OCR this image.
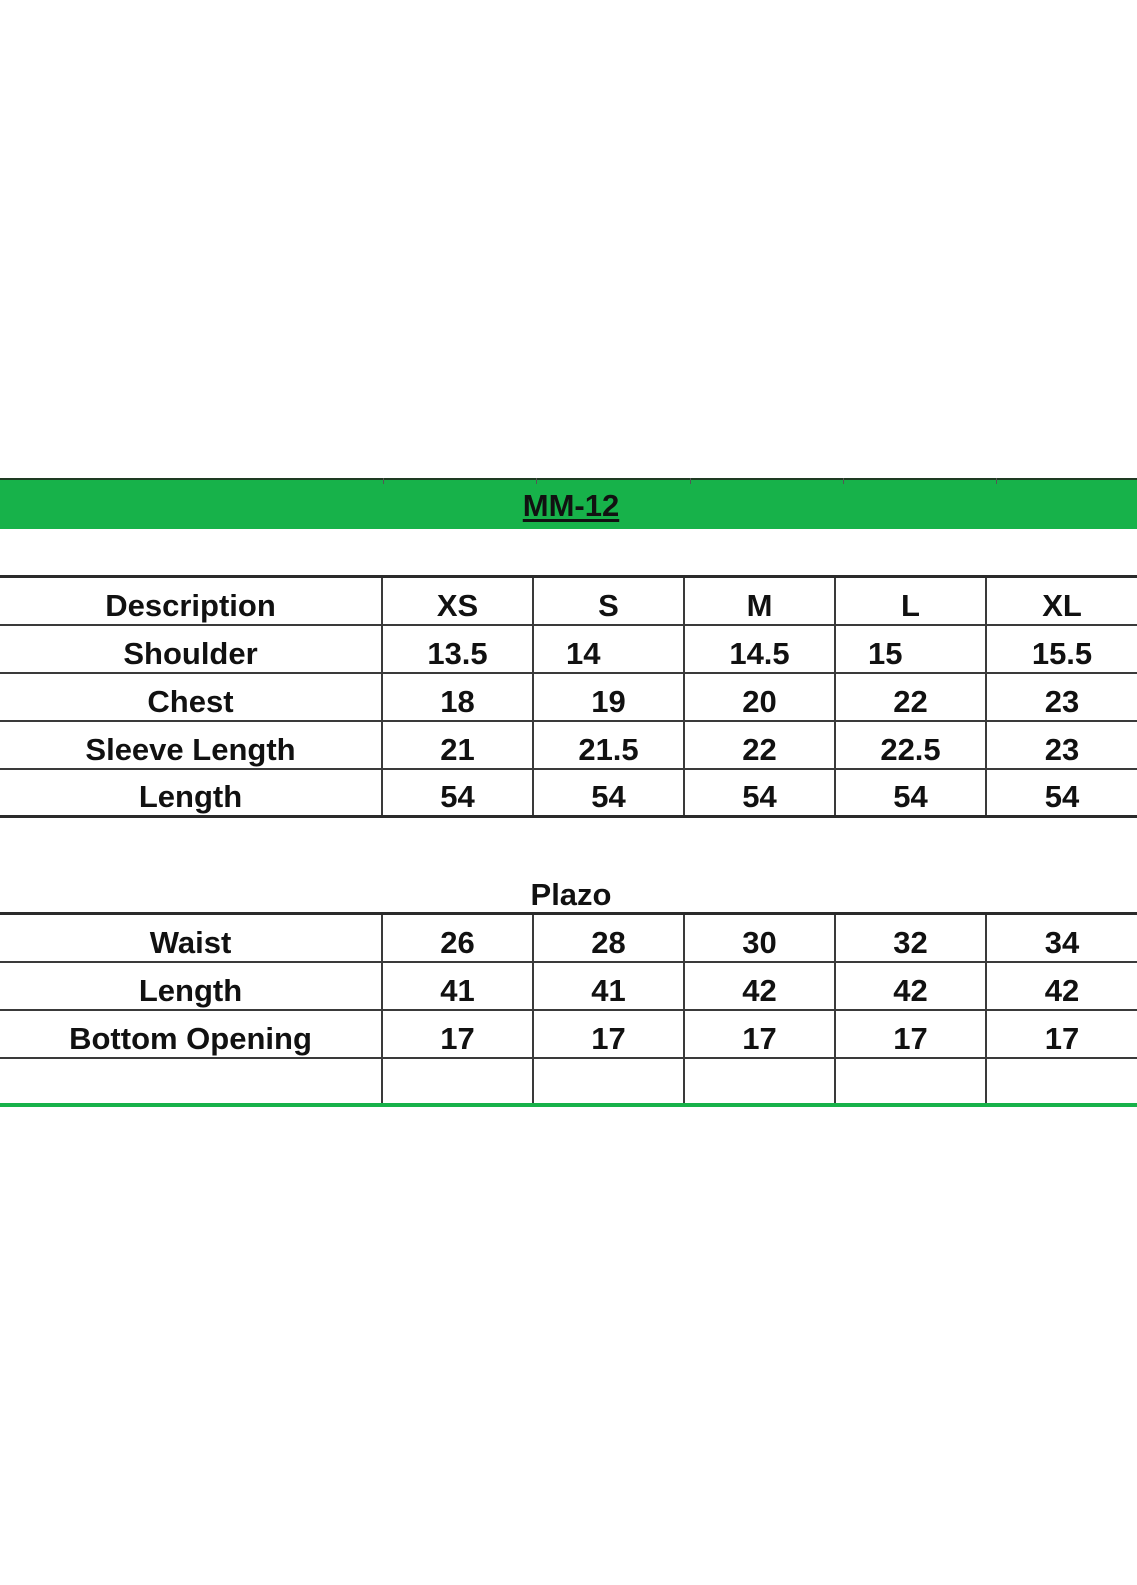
MM-12
Description	XS	S	M	L	XL
Shoulder	13.5	14	14.5	15	15.5
Chest	18	19	20	22	23
Sleeve Length	21	21.5	22	22.5	23
Length	54	54	54	54	54
Plazo
Waist	26	28	30	32	34
Length	41	41	42	42	42
Bottom Opening	17	17	17	17	17
